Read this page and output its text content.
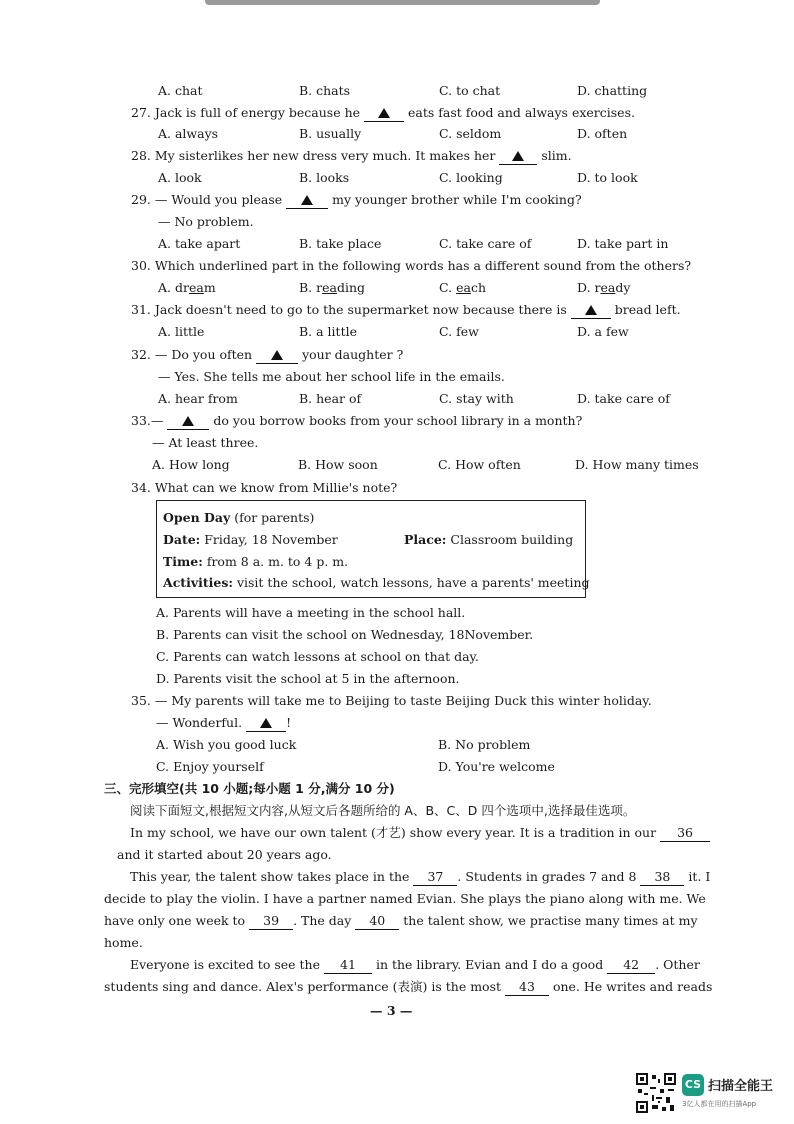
A. chat	B. chats	C. to chat	D. chatting
27. Jack is full of energy because he	eats fast food and always exercises.
A. always	B. usually	C. seldom	D. often
28. My sisterlikes her new dress very much. It makes her	slim.
A. look	B. looks	C. looking	D. to look
29. — Would you please	my younger brother while I'm cooking?
— No problem.
A. take apart	B. take place	C. take care of	D. take part in
30. Which underlined part in the following words has a different sound from the others?
A. dream	B. reading	C. each	D. ready
31. Jack doesn't need to go to the supermarket now because there is	bread left.
A. little	B. a little	C. few	D. a few
32. — Do you often	your daughter ?
— Yes. She tells me about her school life in the emails.
A. hear from	B. hear of	C. stay with	D. take care of
33.—	do you borrow books from your school library in a month?
— At least three.
A. How long	B. How soon	C. How often	D. How many times
34. What can we know from Millie's note?
Open Day (for parents)
Date: Friday, 18 November	Place: Classroom building
Time: from 8 a. m. to 4 p. m.
Activities: visit the school, watch lessons, have a parents' meeting
A. Parents will have a meeting in the school hall.
B. Parents can visit the school on Wednesday, 18November.
C. Parents can watch lessons at school on that day.
D. Parents visit the school at 5 in the afternoon.
35. — My parents will take me to Beijing to taste Beijing Duck this winter holiday.
— Wonderful.	!
A. Wish you good luck	B. No problem
C. Enjoy yourself	D. You're welcome
三、完形填空(共 10 小题;每小题 1 分,满分 10 分)
阅读下面短文,根据短文内容,从短文后各题所给的 A、B、C、D 四个选项中,选择最佳选项。
In my school, we have our own talent (才艺) show every year. It is a tradition in our 36
and it started about 20 years ago.
This year, the talent show takes place in the 37 . Students in grades 7 and 8 38 it. I
decide to play the violin. I have a partner named Evian. She plays the piano along with me. We
have only one week to 39 . The day 40 the talent show, we practise many times at my
home.
Everyone is excited to see the 41 in the library. Evian and I do a good 42 . Other
students sing and dance. Alex's performance (表演) is the most 43 one. He writes and reads
— 3 —
CS 扫描全能王
3亿人都在用的扫描App
